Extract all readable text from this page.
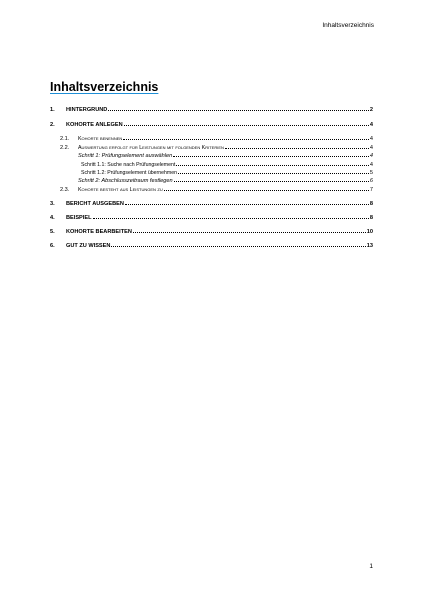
Inhaltsverzeichnis
Inhaltsverzeichnis
1.	HINTERGRUND	2
2.	KOHORTE ANLEGEN	4
2.1.	Kohorte benennen	4
2.2.	Auswertung erfolgt für Leistungen mit folgenden Kriterien	4
Schritt 1: Prüfungselement auswählen	4
Schritt 1.1: Suche nach Prüfungselement	4
Schritt 1.2: Prüfungselement übernehmen	5
Schritt 2: Abschlusszeitraum festlegen	6
2.3.	Kohorte besteht aus Leistungen zu	7
3.	BERICHT AUSGEBEN	8
4.	BEISPIEL	8
5.	KOHORTE BEARBEITEN	10
6.	GUT ZU WISSEN	13
1
